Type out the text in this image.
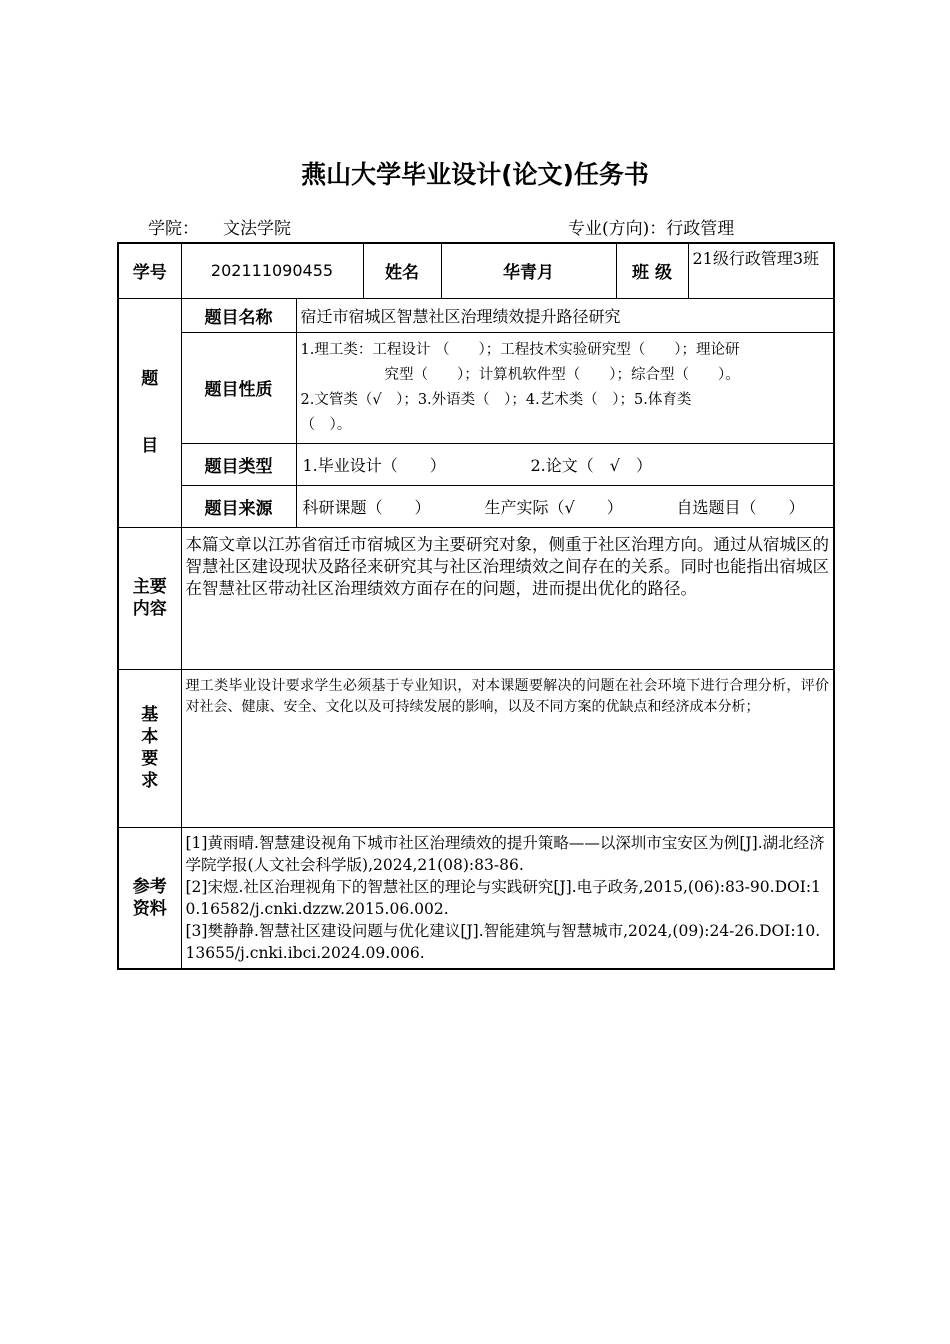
燕山大学毕业设计(论文)任务书
学院： 文法学院	专业(方向)：行政管理
学号	202111090455		姓名	华青月	班 级	21级行政管理3班

题
目	题目名称	宿迁市宿城区智慧社区治理绩效提升路径研究				
	题目性质	1.理工类：工程设计 （　　）；工程技术实验研究型（　　）；理论研
究型（　　）；计算机软件型（　　）；综合型（　　）。
2.文管类（√　）；3.外语类（　）；4.艺术类（　）；5.体育类
（　）。				

	题目类型	1.毕业设计（　　） 2.论文（　√　）				
	题目来源	科研课题（　　） 生产实际（√　　） 自选题目（　　）				

主要内容	本篇文章以江苏省宿迁市宿城区为主要研究对象，侧重于社区治理方向。通过从宿城区的智慧社区建设现状及路径来研究其与社区治理绩效之间存在的关系。同时也能指出宿城区在智慧社区带动社区治理绩效方面存在的问题，进而提出优化的路径。					

基
本
要
求	理工类毕业设计要求学生必须基于专业知识，对本课题要解决的问题在社会环境下进行合理分析，评价对社会、健康、安全、文化以及可持续发展的影响，以及不同方案的优缺点和经济成本分析；					

参考资料	[1]黄雨晴.智慧建设视角下城市社区治理绩效的提升策略——以深圳市宝安区为例[J].湖北经济学院学报(人文社会科学版),2024,21(08):83-86.
[2]宋煜.社区治理视角下的智慧社区的理论与实践研究[J].电子政务,2015,(06):83-90.DOI:10.16582/j.cnki.dzzw.2015.06.002.
[3]樊静静.智慧社区建设问题与优化建议[J].智能建筑与智慧城市,2024,(09):24-26.DOI:10.13655/j.cnki.ibci.2024.09.006.					
